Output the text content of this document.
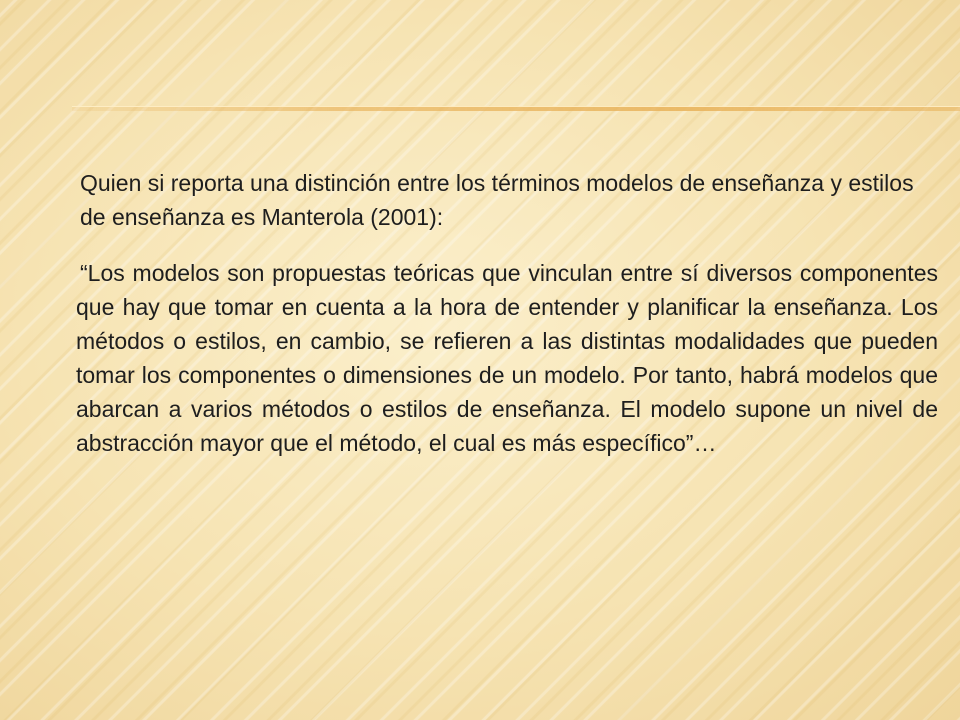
Quien si reporta una distinción entre los términos modelos de enseñanza y estilos de enseñanza es Manterola (2001):

“Los modelos son propuestas teóricas que vinculan entre sí diversos componentes que hay que tomar en cuenta a la hora de entender y planificar la enseñanza. Los métodos o estilos, en cambio, se refieren a las distintas modalidades que pueden tomar los componentes o dimensiones de un modelo. Por tanto, habrá modelos que abarcan a varios métodos o estilos de enseñanza. El modelo supone un nivel de abstracción mayor que el método, el cual es más específico”…
